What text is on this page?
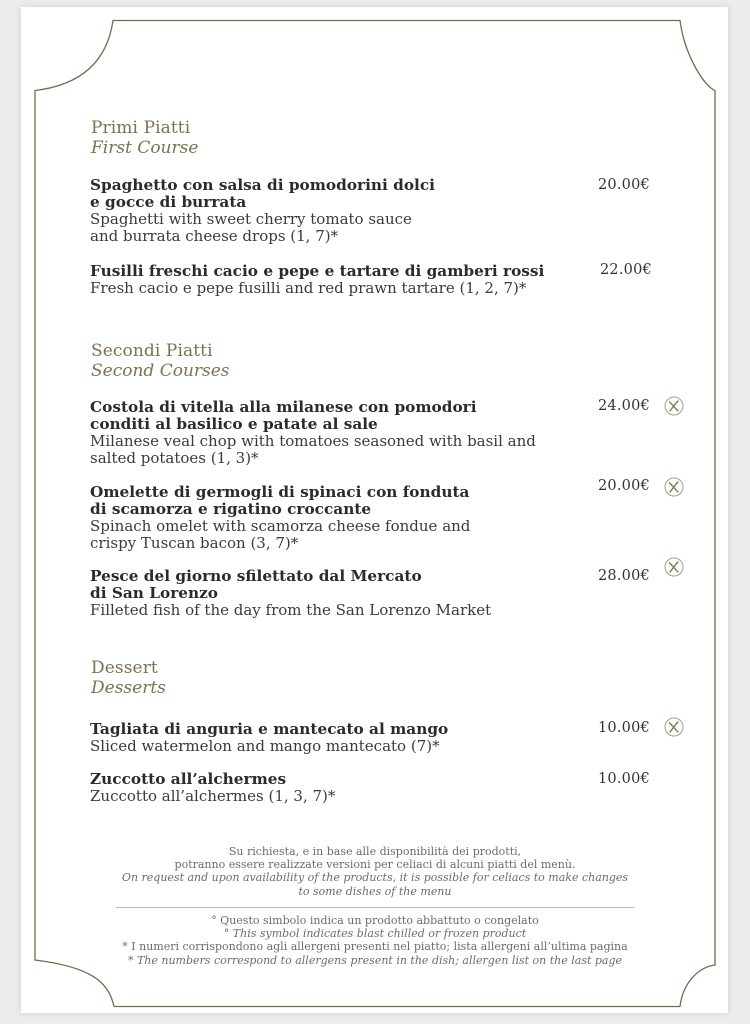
Primi Piatti
First Course
Spaghetto con salsa di pomodorini dolci
e gocce di burrata
Spaghetti with sweet cherry tomato sauce
and burrata cheese drops (1, 7)*
20.00€
Fusilli freschi cacio e pepe e tartare di gamberi rossi
Fresh cacio e pepe fusilli and red prawn tartare (1, 2, 7)*
22.00€
Secondi Piatti
Second Courses
Costola di vitella alla milanese con pomodori
conditi al basilico e patate al sale
Milanese veal chop with tomatoes seasoned with basil and
salted potatoes (1, 3)*
24.00€
Omelette di germogli di spinaci con fonduta
di scamorza e rigatino croccante
Spinach omelet with scamorza cheese fondue and
crispy Tuscan bacon (3, 7)*
20.00€
Pesce del giorno sfilettato dal Mercato
di San Lorenzo
Filleted fish of the day from the San Lorenzo Market
28.00€
Dessert
Desserts
Tagliata di anguria e mantecato al mango
Sliced watermelon and mango mantecato (7)*
10.00€
Zuccotto all’alchermes
Zuccotto all’alchermes (1, 3, 7)*
10.00€
Su richiesta, e in base alle disponibilità dei prodotti,
potranno essere realizzate versioni per celiaci di alcuni piatti del menù.
On request and upon availability of the products, it is possible for celiacs to make changes
to some dishes of the menu
° Questo simbolo indica un prodotto abbattuto o congelato
° This symbol indicates blast chilled or frozen product
* I numeri corrispondono agli allergeni presenti nel piatto; lista allergeni all’ultima pagina
* The numbers correspond to allergens present in the dish; allergen list on the last page
